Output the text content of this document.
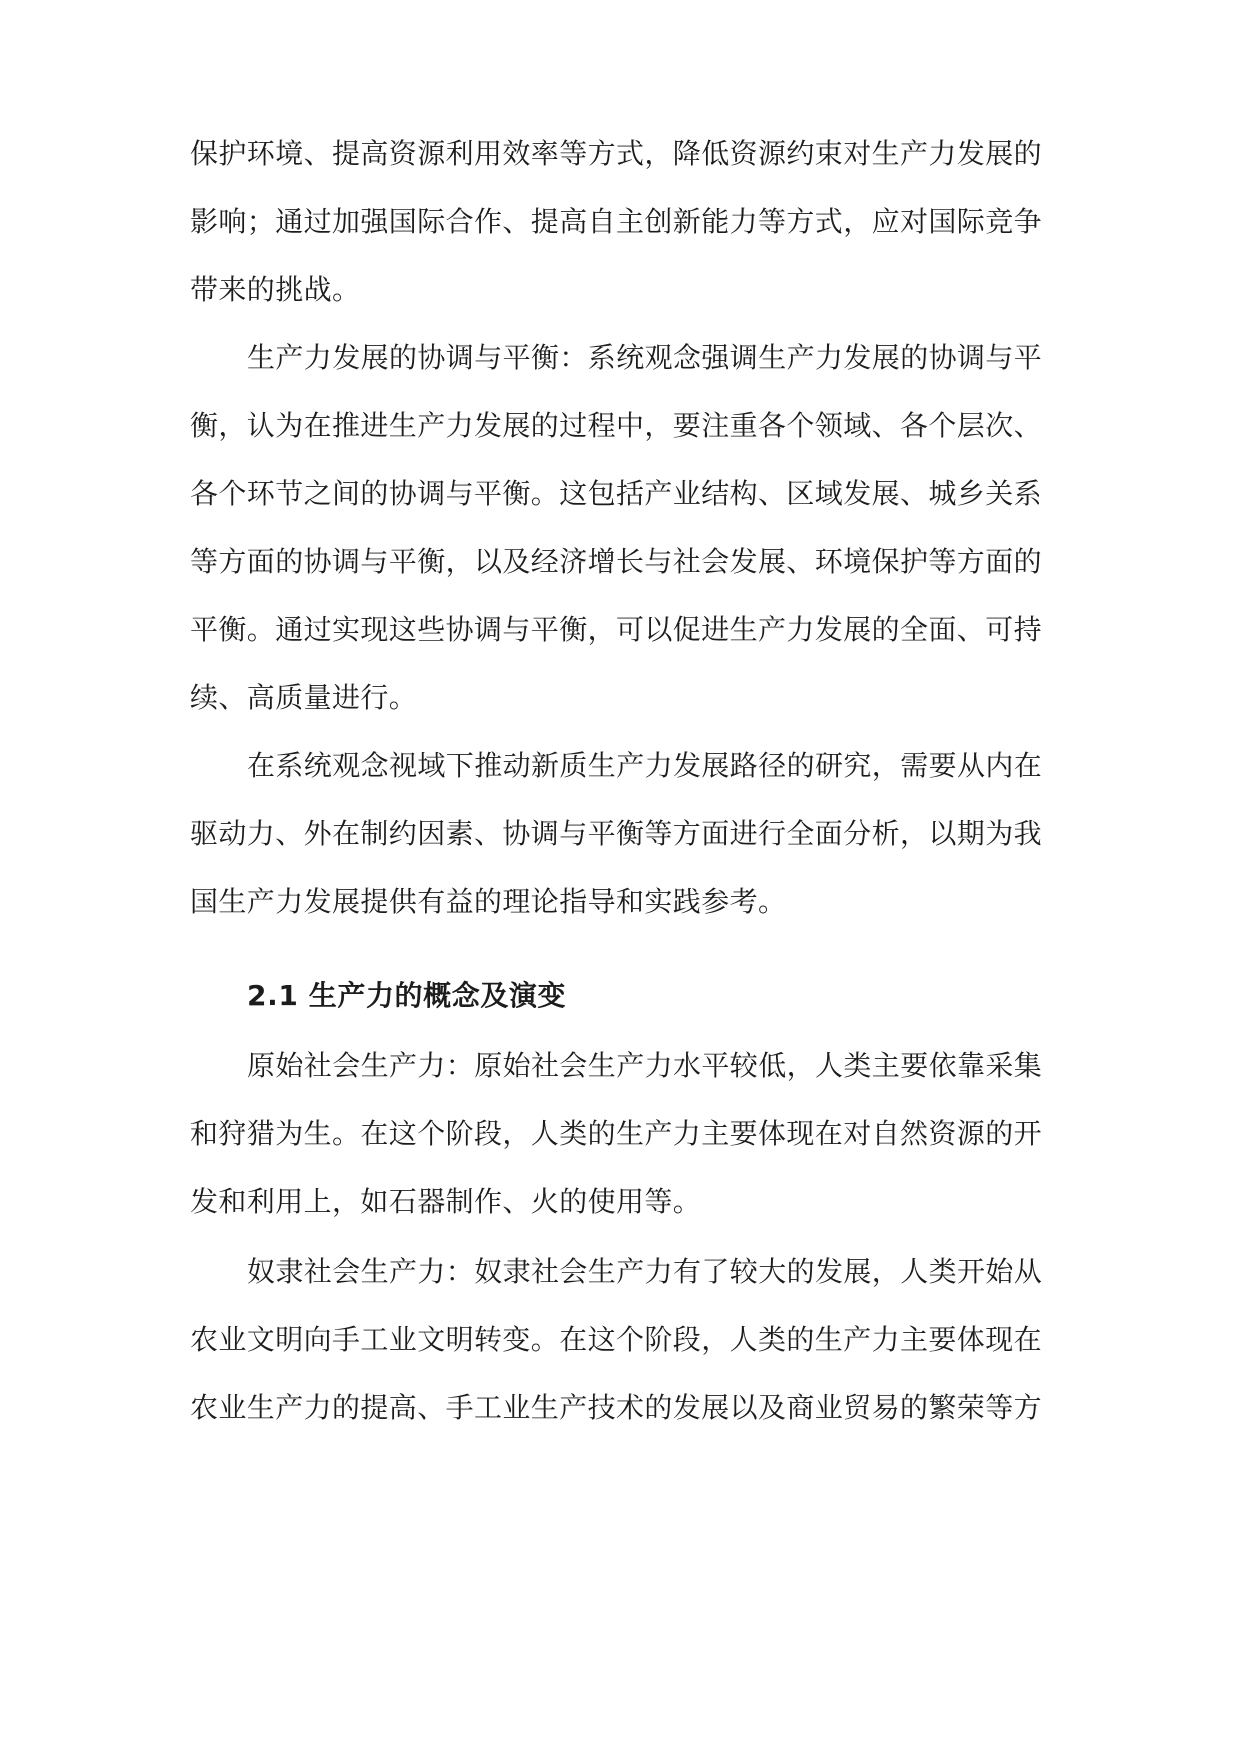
保护环境、提高资源利用效率等方式，降低资源约束对生产力发展的

影响；通过加强国际合作、提高自主创新能力等方式，应对国际竞争

带来的挑战。

生产力发展的协调与平衡：系统观念强调生产力发展的协调与平

衡，认为在推进生产力发展的过程中，要注重各个领域、各个层次、

各个环节之间的协调与平衡。这包括产业结构、区域发展、城乡关系

等方面的协调与平衡，以及经济增长与社会发展、环境保护等方面的

平衡。通过实现这些协调与平衡，可以促进生产力发展的全面、可持

续、高质量进行。

在系统观念视域下推动新质生产力发展路径的研究，需要从内在

驱动力、外在制约因素、协调与平衡等方面进行全面分析，以期为我

国生产力发展提供有益的理论指导和实践参考。

2.1 生产力的概念及演变

原始社会生产力：原始社会生产力水平较低，人类主要依靠采集

和狩猎为生。在这个阶段，人类的生产力主要体现在对自然资源的开

发和利用上，如石器制作、火的使用等。

奴隶社会生产力：奴隶社会生产力有了较大的发展，人类开始从

农业文明向手工业文明转变。在这个阶段，人类的生产力主要体现在

农业生产力的提高、手工业生产技术的发展以及商业贸易的繁荣等方
